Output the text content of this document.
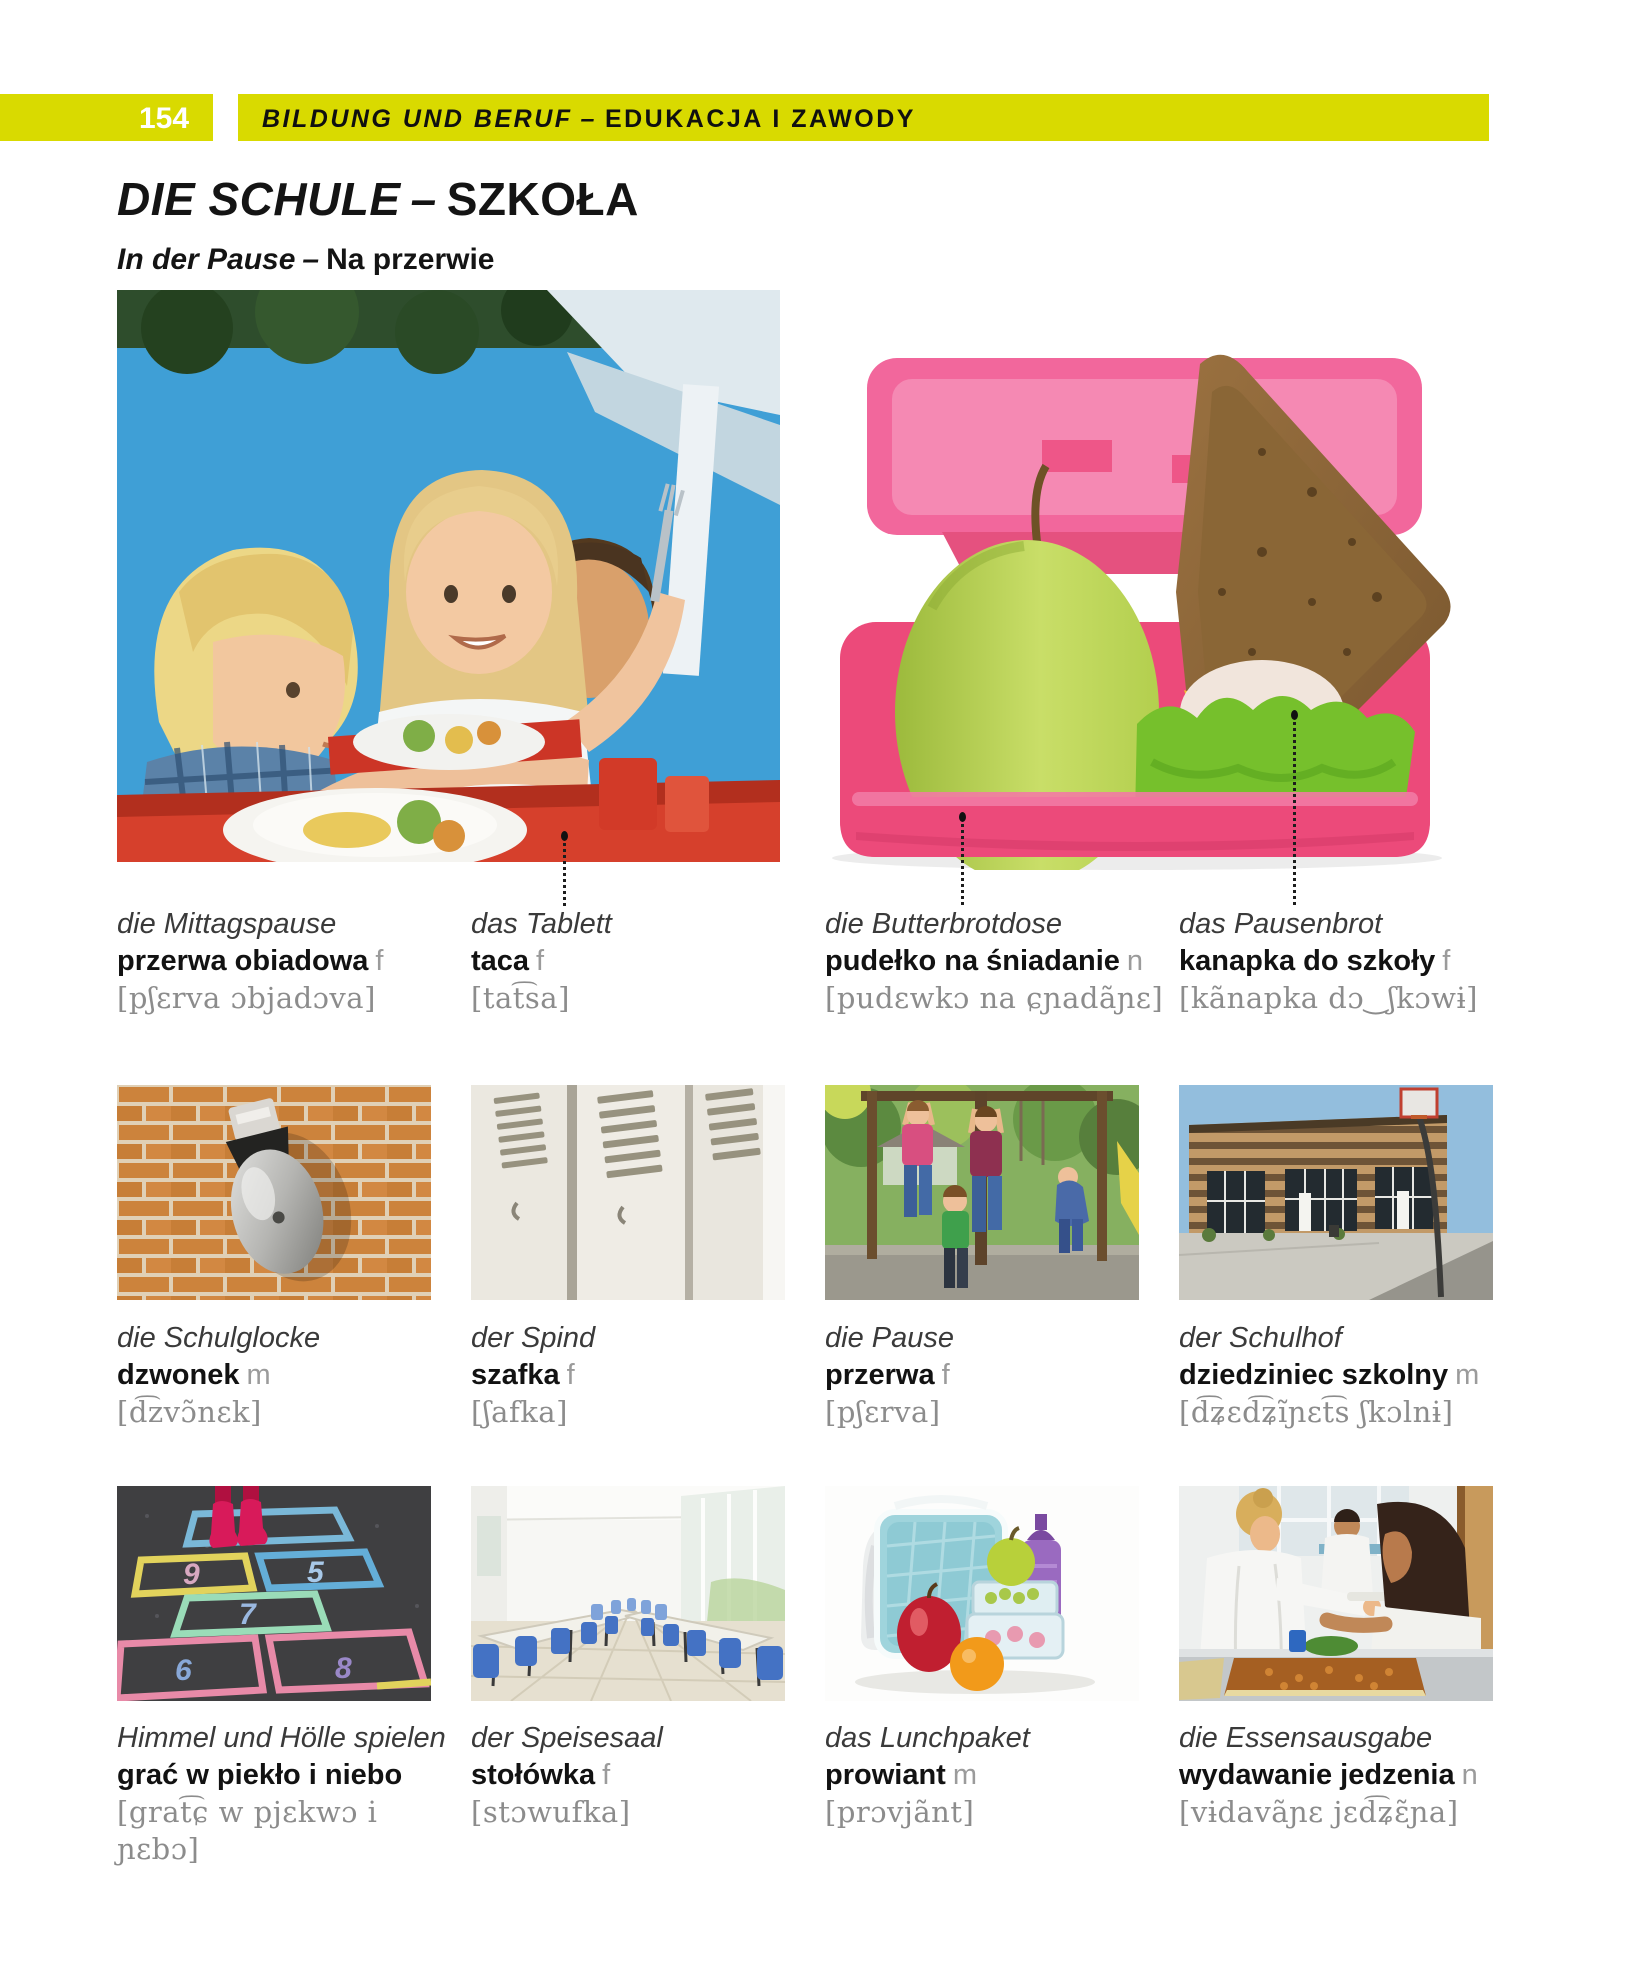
154	BILDUNG UND BERUF – EDUKACJA I ZAWODY
DIE SCHULE – SZKOŁA
In der Pause – Na przerwie
die Mittagspause
przerwa obiadowa f
[pʃɛrva ɔbjadɔva]
das Tablett
taca f
[tat͡sa]
die Butterbrotdose
pudełko na śniadanie n
[pudɛwkɔ na ɕɲadãɲɛ]
das Pausenbrot
kanapka do szkoły f
[kãnapka dɔ‿ʃkɔwɨ]
die Schulglocke
dzwonek m
[d͡zvɔ̃nɛk]
der Spind
szafka f
[ʃafka]
die Pause
przerwa f
[pʃɛrva]
der Schulhof
dziedziniec szkolny m
[d͡ʑɛd͡ʑĩɲɛt͡s ʃkɔlnɨ]
9	5
7
6	8
Himmel und Hölle spielen
grać w piekło i niebo
[grat͡ɕ w pjɛkwɔ i ɲɛbɔ]
der Speisesaal
stołówka f
[stɔwufka]
das Lunchpaket
prowiant m
[prɔvjãnt]
die Essensausgabe
wydawanie jedzenia n
[vɨdavãɲɛ jɛd͡ʑɛ̃ɲa]
